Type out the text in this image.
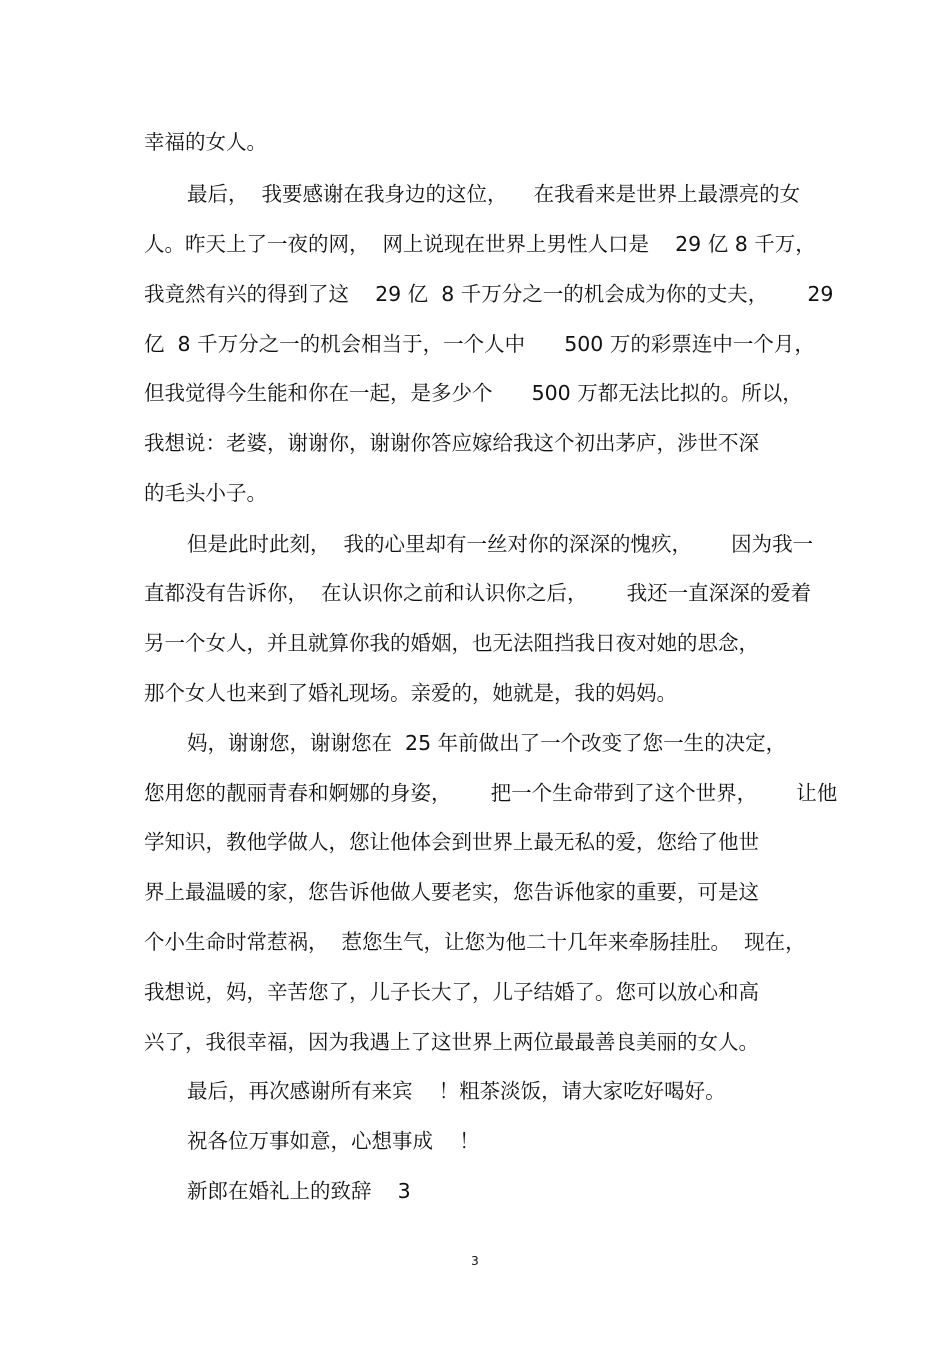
幸福的女人。
最后，  我要感谢在我身边的这位，    在我看来是世界上最漂亮的女
人。昨天上了一夜的网，  网上说现在世界上男性人口是    29 亿 8 千万，
我竟然有兴的得到了这    29 亿  8 千万分之一的机会成为你的丈夫，      29
亿  8 千万分之一的机会相当于，一个人中      500 万的彩票连中一个月，
但我觉得今生能和你在一起，是多少个      500 万都无法比拟的。所以，
我想说：老婆，谢谢你，谢谢你答应嫁给我这个初出茅庐，涉世不深
的毛头小子。
但是此时此刻，  我的心里却有一丝对你的深深的愧疚，      因为我一
直都没有告诉你，  在认识你之前和认识你之后，      我还一直深深的爱着
另一个女人，并且就算你我的婚姻，也无法阻挡我日夜对她的思念，
那个女人也来到了婚礼现场。亲爱的，她就是，我的妈妈。
妈，谢谢您，谢谢您在  25 年前做出了一个改变了您一生的决定，
您用您的靓丽青春和婀娜的身姿，      把一个生命带到了这个世界，      让他
学知识，教他学做人，您让他体会到世界上最无私的爱，您给了他世
界上最温暖的家，您告诉他做人要老实，您告诉他家的重要，可是这
个小生命时常惹祸，  惹您生气，让您为他二十几年来牵肠挂肚。  现在，
我想说，妈，辛苦您了，儿子长大了，儿子结婚了。您可以放心和高
兴了，我很幸福，因为我遇上了这世界上两位最最善良美丽的女人。
最后，再次感谢所有来宾    ！粗茶淡饭，请大家吃好喝好。
祝各位万事如意，心想事成    ！
新郎在婚礼上的致辞    3
3
